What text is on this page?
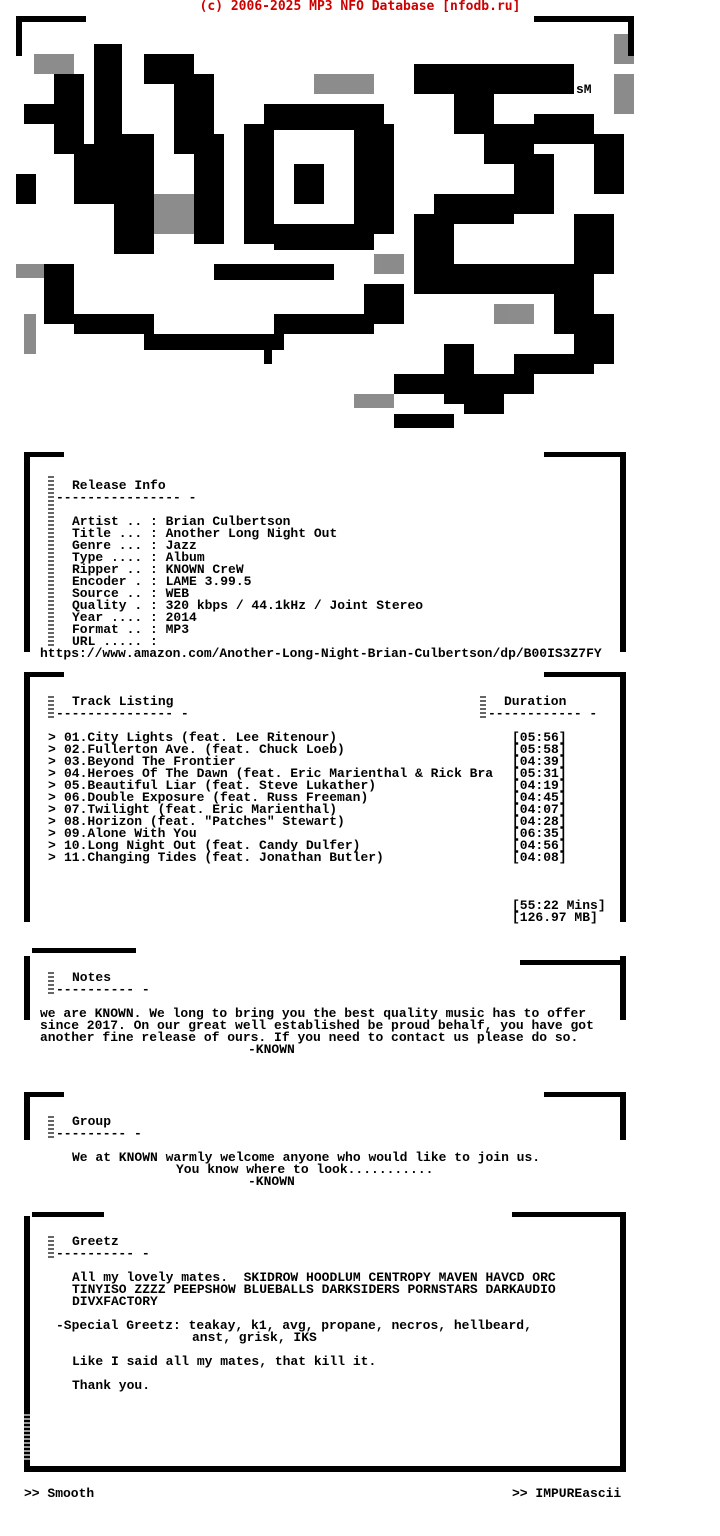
(c) 2006-2025 MP3 NFO Database [nfodb.ru]
sM
Release Info
---------------- -
Artist .. : Brian Culbertson
Title ... : Another Long Night Out
Genre ... : Jazz
Type .... : Album
Ripper .. : KNOWN CreW
Encoder . : LAME 3.99.5
Source .. : WEB
Quality . : 320 kbps / 44.1kHz / Joint Stereo
Year .... : 2014
Format .. : MP3
URL ..... :
https://www.amazon.com/Another-Long-Night-Brian-Culbertson/dp/B00IS3Z7FY
Track Listing
--------------- -
Duration
------------ -
> 01.City Lights (feat. Lee Ritenour)	[05:56]
> 02.Fullerton Ave. (feat. Chuck Loeb)	[05:58]
> 03.Beyond The Frontier	[04:39]
> 04.Heroes Of The Dawn (feat. Eric Marienthal & Rick Bra [05:31]
> 05.Beautiful Liar (feat. Steve Lukather)	[04:19]
> 06.Double Exposure (feat. Russ Freeman)	[04:45]
> 07.Twilight (feat. Eric Marienthal)	[04:07]
> 08.Horizon (feat. "Patches" Stewart)	[04:28]
> 09.Alone With You	[06:35]
> 10.Long Night Out (feat. Candy Dulfer)	[04:56]
> 11.Changing Tides (feat. Jonathan Butler)	[04:08]
[55:22 Mins]
[126.97 MB]
Notes
---------- -
we are KNOWN. We long to bring you the best quality music has to offer
since 2017. On our great well established be proud behalf, you have got
another fine release of ours. If you need to contact us please do so.
-KNOWN
Group
--------- -
We at KNOWN warmly welcome anyone who would like to join us.
You know where to look...........
-KNOWN
Greetz
---------- -
All my lovely mates.  SKIDROW HOODLUM CENTROPY MAVEN HAVCD ORC
TINYISO ZZZZ PEEPSHOW BLUEBALLS DARKSIDERS PORNSTARS DARKAUDIO
DIVXFACTORY
-Special Greetz: teakay, k1, avg, propane, necros, hellbeard,
anst, grisk, IKS
Like I said all my mates, that kill it.
Thank you.
>> Smooth	>> IMPUREascii
